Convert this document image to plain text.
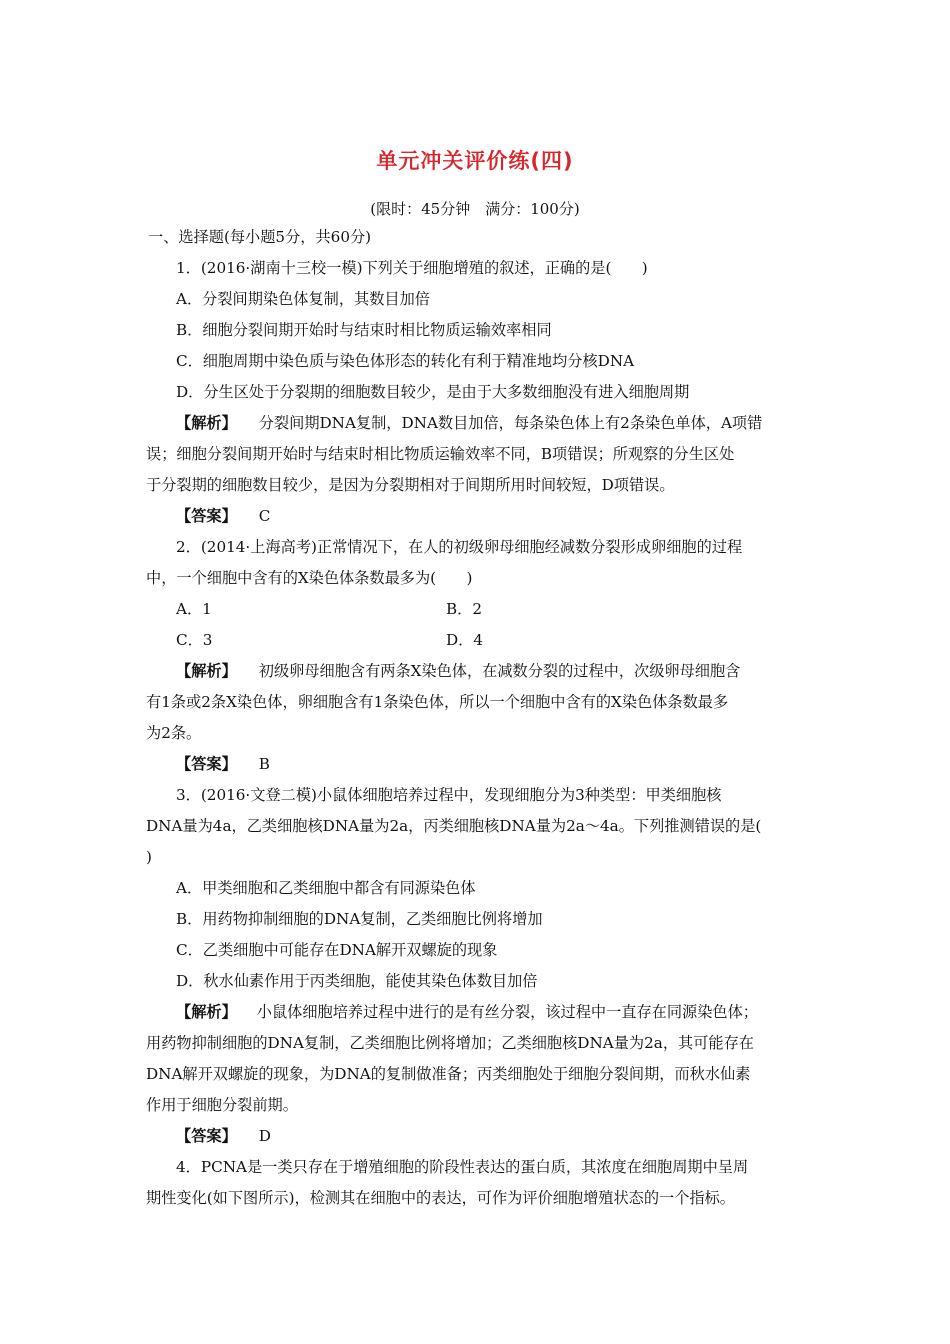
单元冲关评价练(四)
(限时：45分钟　满分：100分)
一、选择题(每小题5分，共60分)
1．(2016·湖南十三校一模)下列关于细胞增殖的叙述，正确的是(　　)
A．分裂间期染色体复制，其数目加倍
B．细胞分裂间期开始时与结束时相比物质运输效率相同
C．细胞周期中染色质与染色体形态的转化有利于精准地均分核DNA
D．分生区处于分裂期的细胞数目较少，是由于大多数细胞没有进入细胞周期
【解析】 分裂间期DNA复制，DNA数目加倍，每条染色体上有2条染色单体，A项错
误；细胞分裂间期开始时与结束时相比物质运输效率不同，B项错误；所观察的分生区处
于分裂期的细胞数目较少，是因为分裂期相对于间期所用时间较短，D项错误。
【答案】 C
2．(2014·上海高考)正常情况下，在人的初级卵母细胞经减数分裂形成卵细胞的过程
中，一个细胞中含有的X染色体条数最多为(　　)
A．1	B．2
C．3	D．4
【解析】 初级卵母细胞含有两条X染色体，在减数分裂的过程中，次级卵母细胞含
有1条或2条X染色体，卵细胞含有1条染色体，所以一个细胞中含有的X染色体条数最多
为2条。
【答案】 B
3．(2016·文登二模)小鼠体细胞培养过程中，发现细胞分为3种类型：甲类细胞核
DNA量为4a，乙类细胞核DNA量为2a，丙类细胞核DNA量为2a～4a。下列推测错误的是(
)
A．甲类细胞和乙类细胞中都含有同源染色体
B．用药物抑制细胞的DNA复制，乙类细胞比例将增加
C．乙类细胞中可能存在DNA解开双螺旋的现象
D．秋水仙素作用于丙类细胞，能使其染色体数目加倍
【解析】 小鼠体细胞培养过程中进行的是有丝分裂，该过程中一直存在同源染色体；
用药物抑制细胞的DNA复制，乙类细胞比例将增加；乙类细胞核DNA量为2a，其可能存在
DNA解开双螺旋的现象，为DNA的复制做准备；丙类细胞处于细胞分裂间期，而秋水仙素
作用于细胞分裂前期。
【答案】 D
4．PCNA是一类只存在于增殖细胞的阶段性表达的蛋白质，其浓度在细胞周期中呈周
期性变化(如下图所示)，检测其在细胞中的表达，可作为评价细胞增殖状态的一个指标。
